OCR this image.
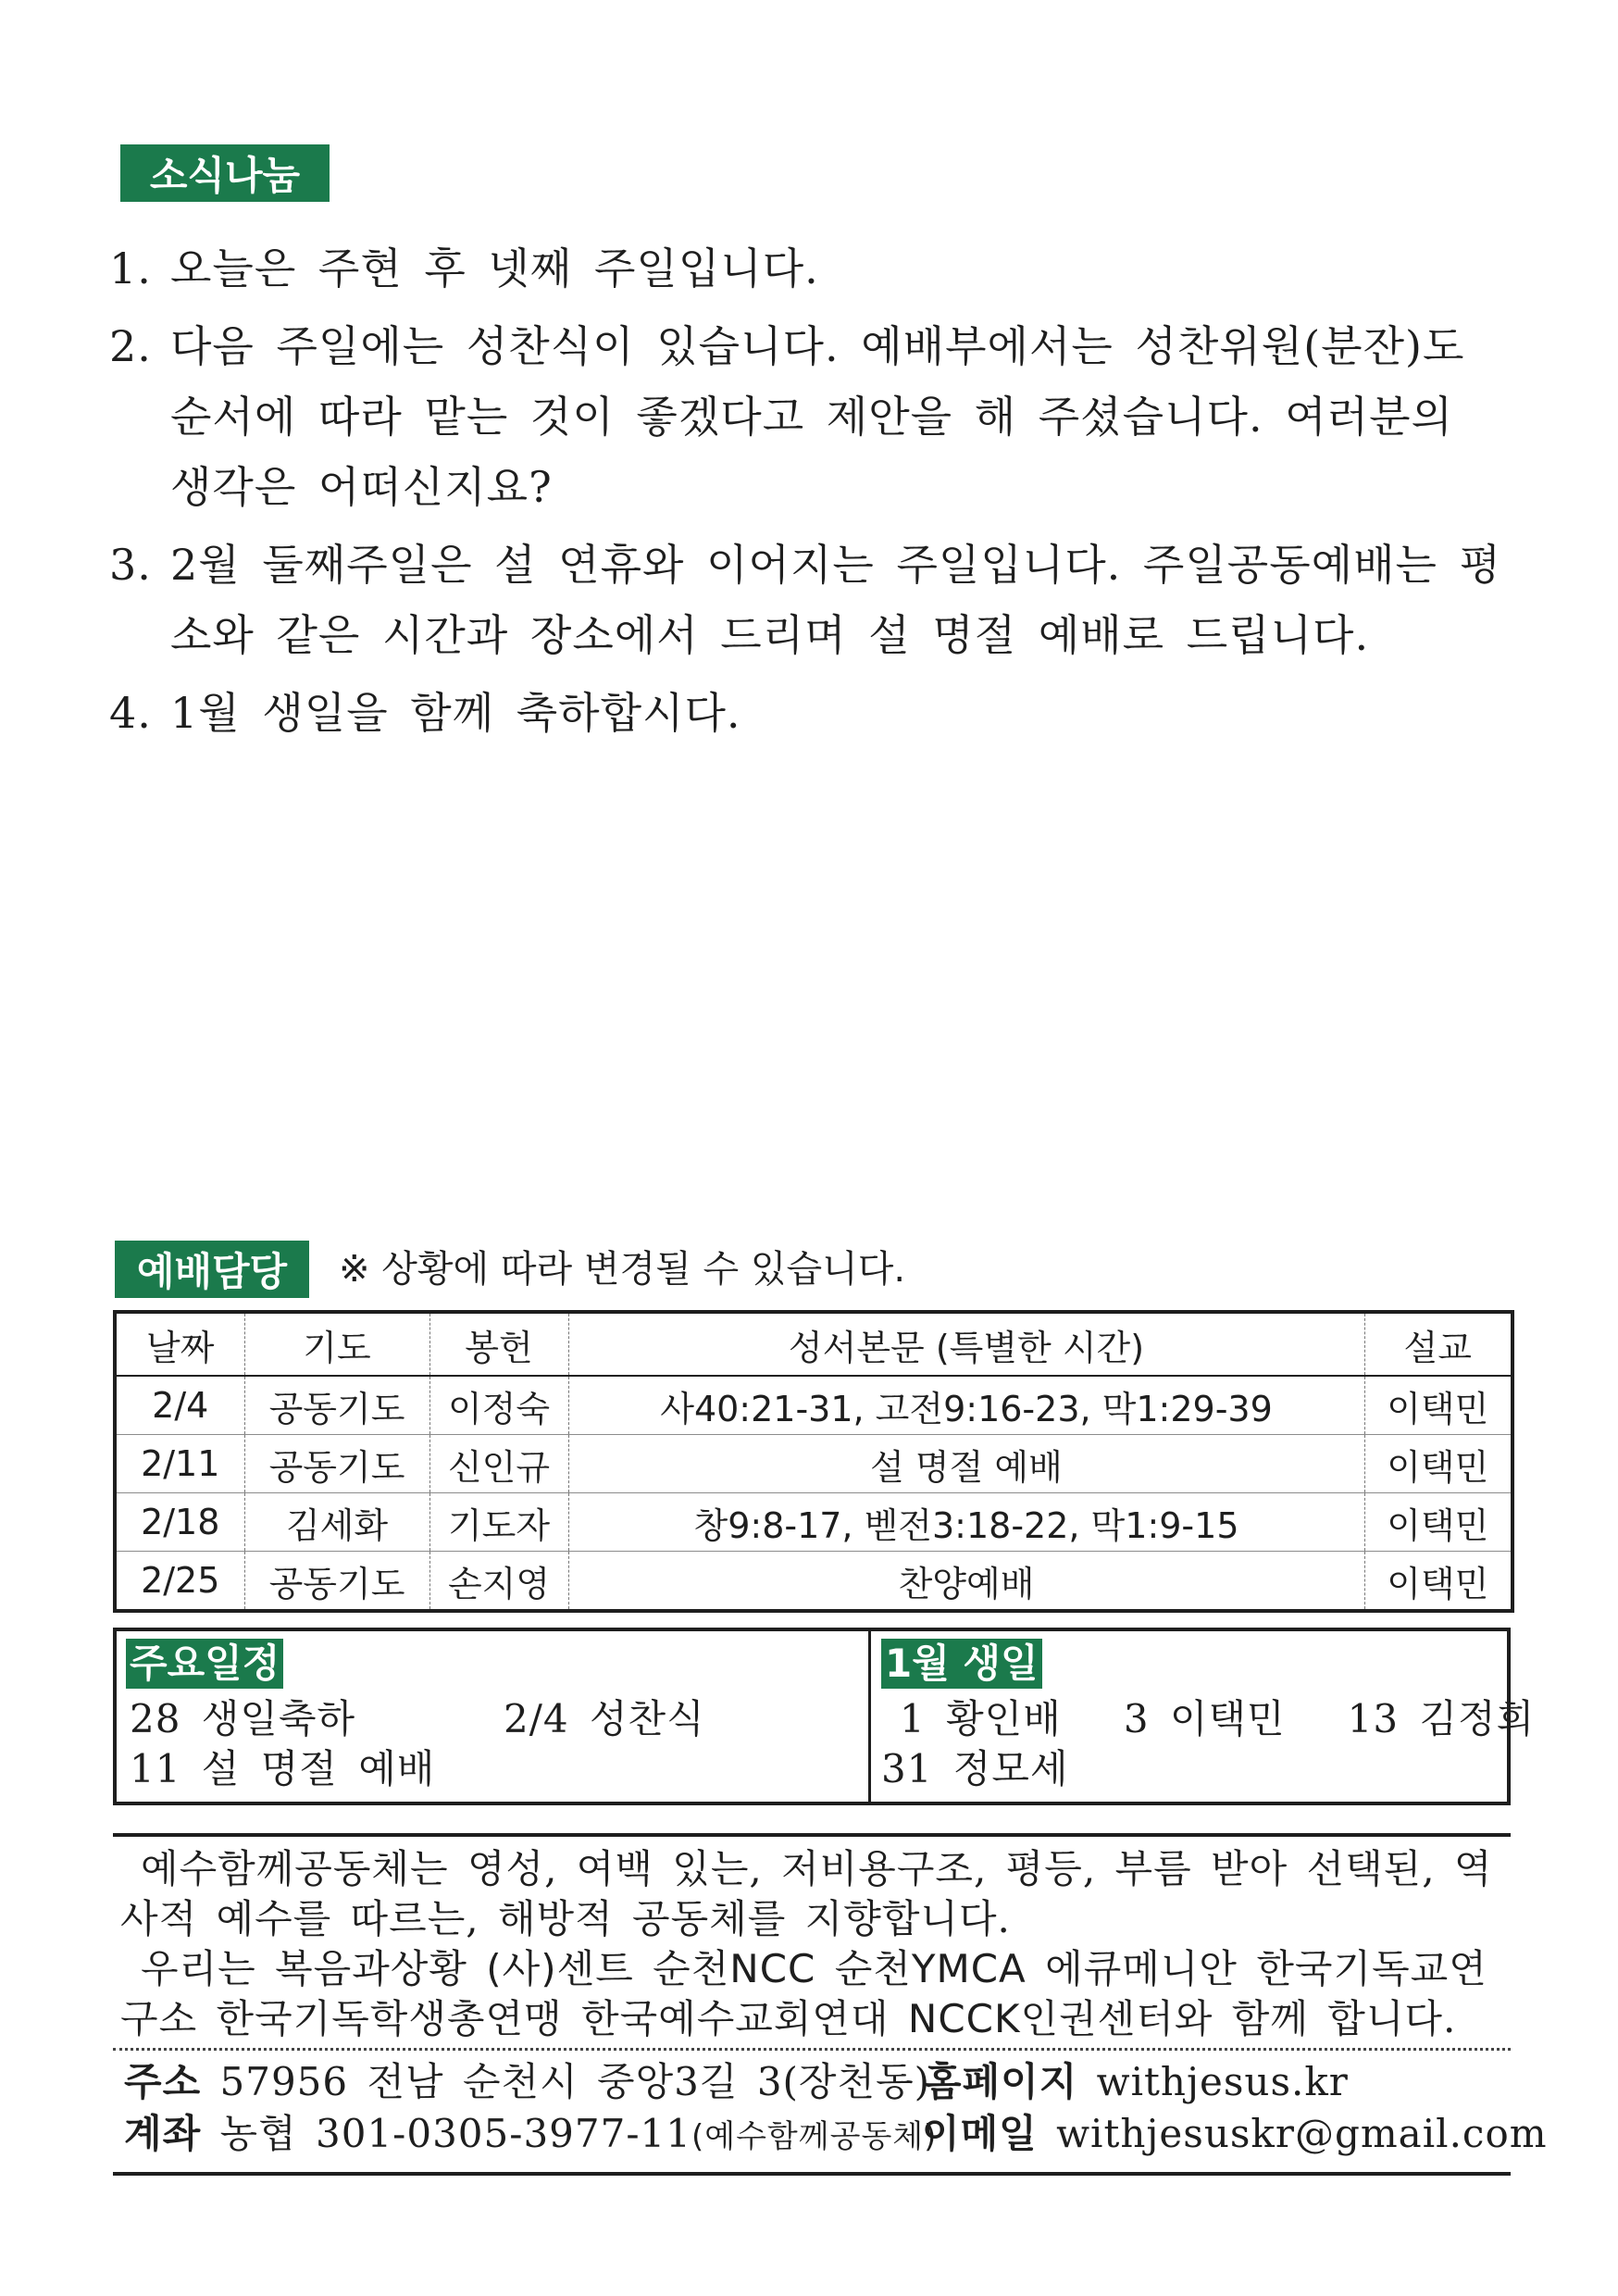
소식나눔
1. 오늘은 주현 후 넷째 주일입니다.
2. 다음 주일에는 성찬식이 있습니다. 예배부에서는 성찬위원(분잔)도 순서에 따라 맡는 것이 좋겠다고 제안을 해 주셨습니다. 여러분의 생각은 어떠신지요?
3. 2월 둘째주일은 설 연휴와 이어지는 주일입니다. 주일공동예배는 평소와 같은 시간과 장소에서 드리며 설 명절 예배로 드립니다.
4. 1월 생일을 함께 축하합시다.
예배담당	※ 상황에 따라 변경될 수 있습니다.
날짜	기도	봉헌	성서본문 (특별한 시간)	설교
2/4	공동기도	이정숙	사40:21-31, 고전9:16-23, 막1:29-39	이택민
2/11	공동기도	신인규	설 명절 예배	이택민
2/18	김세화	기도자	창9:8-17, 벧전3:18-22, 막1:9-15	이택민
2/25	공동기도	손지영	찬양예배	이택민
주요일정
28 생일축하	2/4 성찬식
11 설 명절 예배
1월 생일
1 황인배   3 이택민   13 김정희
31 정모세
예수함께공동체는 영성, 여백 있는, 저비용구조, 평등, 부름 받아 선택된, 역사적 예수를 따르는, 해방적 공동체를 지향합니다.
우리는 복음과상황 (사)센트 순천NCC 순천YMCA 에큐메니안 한국기독교연구소 한국기독학생총연맹 한국예수교회연대 NCCK인권센터와 함께 합니다.
주소 57956 전남 순천시 중앙3길 3(장천동)
홈페이지 withjesus.kr
계좌 농협 301-0305-3977-11(예수함께공동체)
이메일 withjesuskr@gmail.com
